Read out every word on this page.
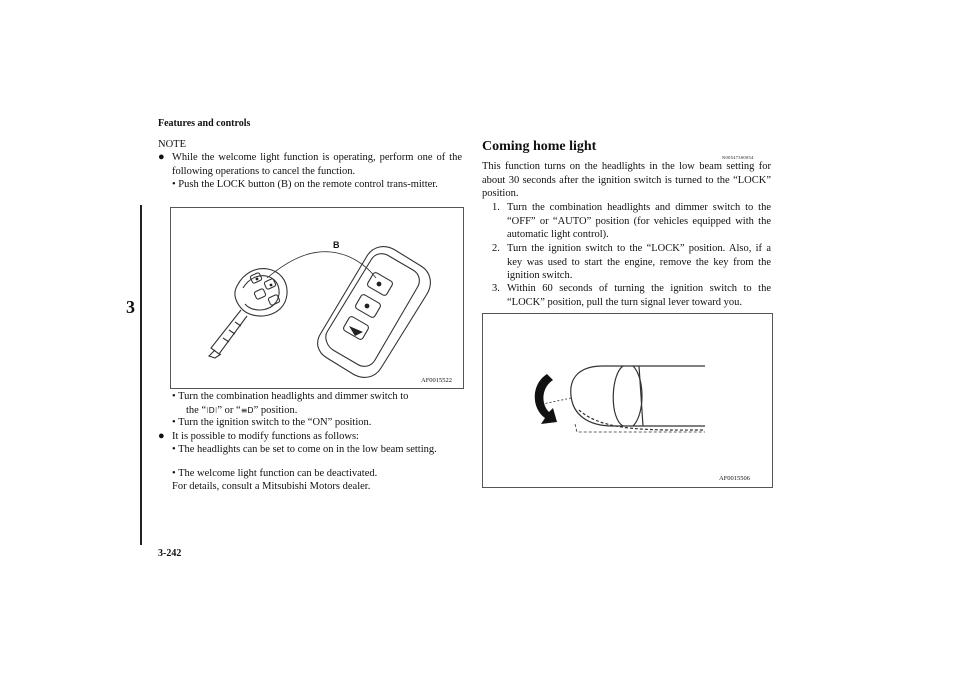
Features and controls
3
3-242
NOTE
● While the welcome light function is operating, perform one of the following operations to cancel the function.
• Push the LOCK button (B) on the remote control trans-mitter.
B
AF0015522
• Turn the combination headlights and dimmer switch to
the “⁝D⁝” or “≡D” position.
• Turn the ignition switch to the “ON” position.
● It is possible to modify functions as follows:
• The headlights can be set to come on in the low beam setting.
• The welcome light function can be deactivated.
For details, consult a Mitsubishi Motors dealer.
Coming home light
N00547300054
This function turns on the headlights in the low beam setting for about 30 seconds after the ignition switch is turned to the “LOCK” position.
1. Turn the combination headlights and dimmer switch to the “OFF” or “AUTO” position (for vehicles equipped with the automatic light control).
2. Turn the ignition switch to the “LOCK” position. Also, if a key was used to start the engine, remove the key from the ignition switch.
3. Within 60 seconds of turning the ignition switch to the “LOCK” position, pull the turn signal lever toward you.
AF0015506
